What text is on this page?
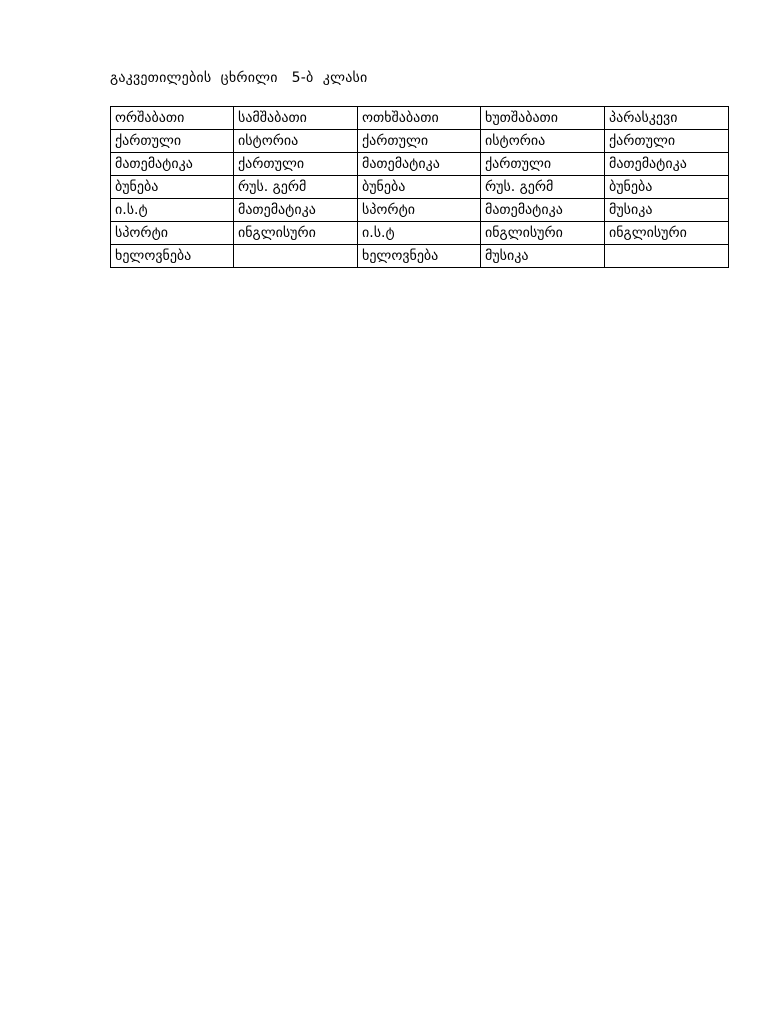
გაკვეთილების  ცხრილი   5-ბ  კლასი
ორშაბათი	სამშაბათი	ოთხშაბათი	ხუთშაბათი	პარასკევი
ქართული	ისტორია	ქართული	ისტორია	ქართული
მათემატიკა	ქართული	მათემატიკა	ქართული	მათემატიკა
ბუნება	რუს. გერმ	ბუნება	რუს. გერმ	ბუნება
ი.ს.ტ	მათემატიკა	სპორტი	მათემატიკა	მუსიკა
სპორტი	ინგლისური	ი.ს.ტ	ინგლისური	ინგლისური
ხელოვნება		ხელოვნება	მუსიკა	
